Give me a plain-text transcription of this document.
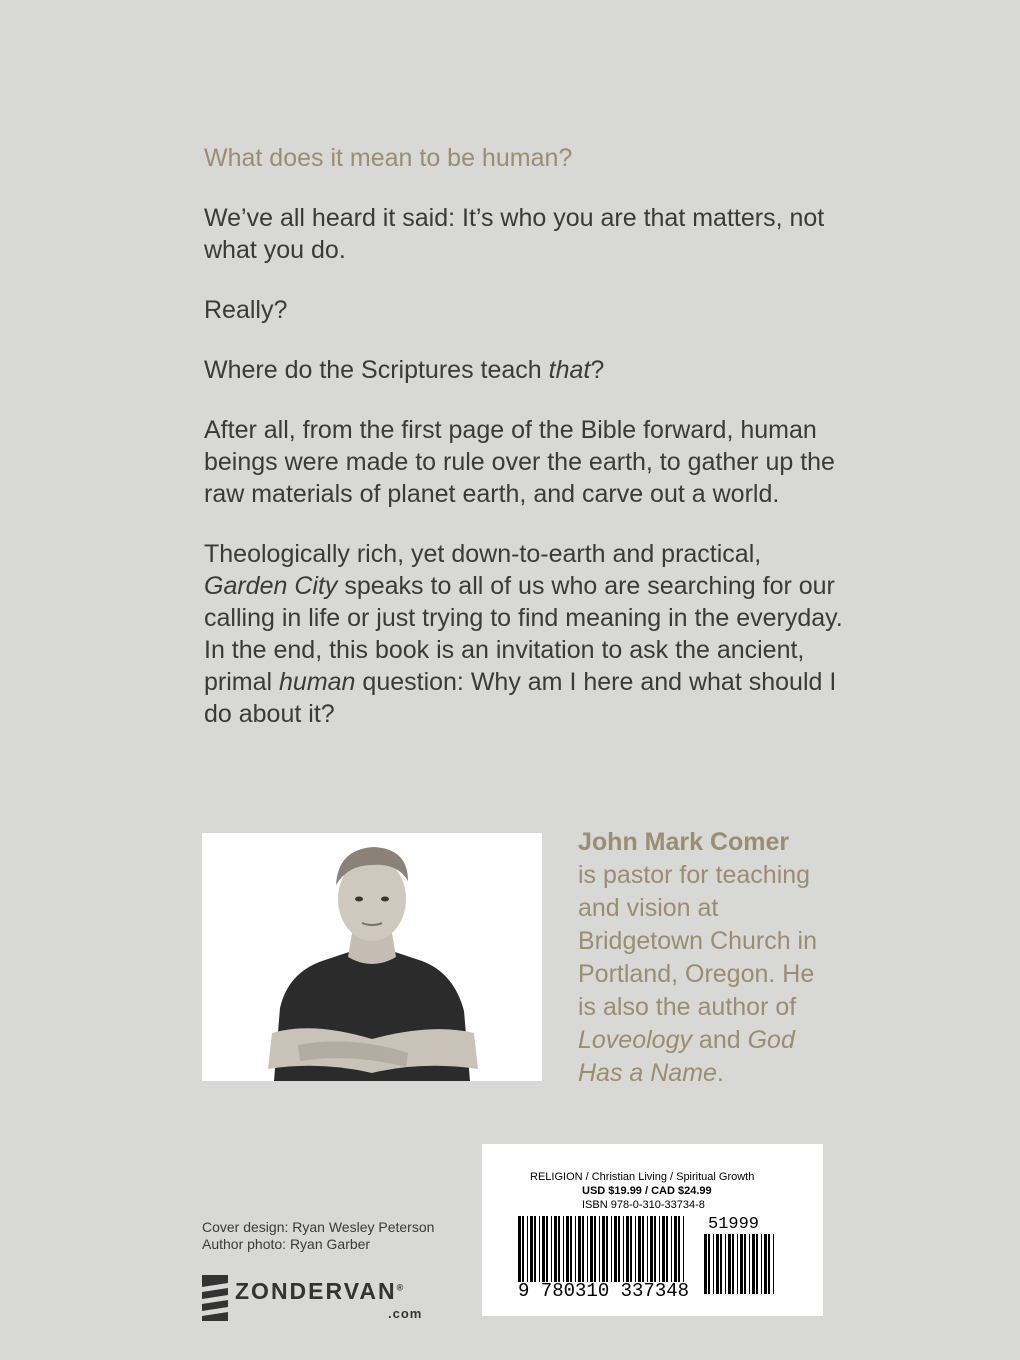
What does it mean to be human?

We’ve all heard it said: It’s who you are that matters, not what you do.

Really?

Where do the Scriptures teach that?

After all, from the first page of the Bible forward, human beings were made to rule over the earth, to gather up the raw materials of planet earth, and carve out a world.

Theologically rich, yet down-to-earth and practical, Garden City speaks to all of us who are searching for our calling in life or just trying to find meaning in the everyday. In the end, this book is an invitation to ask the ancient, primal human question: Why am I here and what should I do about it?

John Mark Comer
is pastor for teaching and vision at Bridgetown Church in Portland, Oregon. He is also the author of Loveology and God Has a Name.
Cover design: Ryan Wesley Peterson
Author photo: Ryan Garber
ZONDERVAN®
.com
RELIGION / Christian Living / Spiritual Growth
USD $19.99 / CAD $24.99
ISBN 978-0-310-33734-8
9 780310 337348
51999
